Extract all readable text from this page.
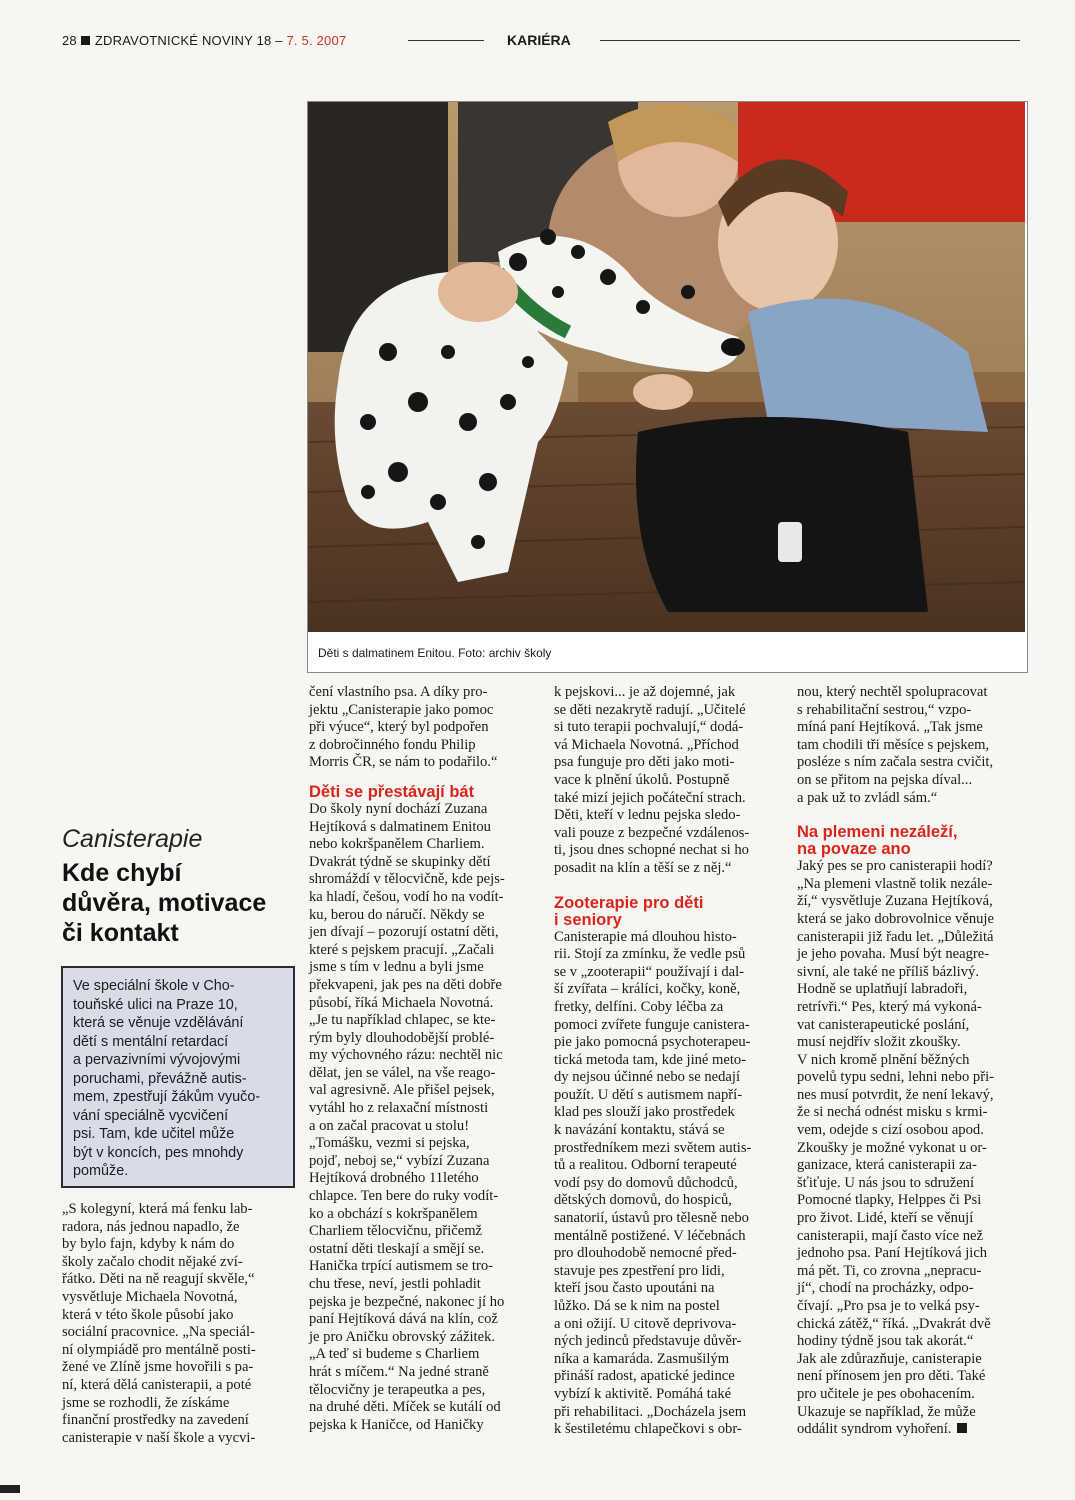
28 ZDRAVOTNICKÉ NOVINY 18 – 7. 5. 2007	KARIÉRA
Děti s dalmatinem Enitou. Foto: archiv školy
Canisterapie
Kde chybí
důvěra, motivace
či kontakt
Ve speciální škole v Cho-
touňské ulici na Praze 10,
která se věnuje vzdělávání
dětí s mentální retardací
a pervazivními vývojovými
poruchami, převážně autis-
mem, zpestřují žákům vyučo-
vání speciálně vycvičení
psi. Tam, kde učitel může
být v koncích, pes mnohdy
pomůže.
„S kolegyní, která má fenku lab-
radora, nás jednou napadlo, že
by bylo fajn, kdyby k nám do
školy začalo chodit nějaké zví-
řátko. Děti na ně reagují skvěle,“
vysvětluje Michaela Novotná,
která v této škole působí jako
sociální pracovnice. „Na speciál-
ní olympiádě pro mentálně posti-
žené ve Zlíně jsme hovořili s pa-
ní, která dělá canisterapii, a poté
jsme se rozhodli, že získáme
finanční prostředky na zavedení
canisterapie v naší škole a vycvi-
čení vlastního psa. A díky pro-
jektu „Canisterapie jako pomoc
při výuce“, který byl podpořen
z dobročinného fondu Philip
Morris ČR, se nám to podařilo.“
Děti se přestávají bát
Do školy nyní dochází Zuzana
Hejtíková s dalmatinem Enitou
nebo kokršpanělem Charliem.
Dvakrát týdně se skupinky dětí
shromáždí v tělocvičně, kde pejs-
ka hladí, češou, vodí ho na vodít-
ku, berou do náručí. Někdy se
jen dívají – pozorují ostatní děti,
které s pejskem pracují. „Začali
jsme s tím v lednu a byli jsme
překvapeni, jak pes na děti dobře
působí, říká Michaela Novotná.
„Je tu například chlapec, se kte-
rým byly dlouhodobější problé-
my výchovného rázu: nechtěl nic
dělat, jen se válel, na vše reago-
val agresivně. Ale přišel pejsek,
vytáhl ho z relaxační místnosti
a on začal pracovat u stolu!
„Tomášku, vezmi si pejska,
pojď, neboj se,“ vybízí Zuzana
Hejtíková drobného 11letého
chlapce. Ten bere do ruky vodít-
ko a obchází s kokršpanělem
Charliem tělocvičnu, přičemž
ostatní děti tleskají a smějí se.
Hanička trpící autismem se tro-
chu třese, neví, jestli pohladit
pejska je bezpečné, nakonec jí ho
paní Hejtíková dává na klín, což
je pro Aničku obrovský zážitek.
„A teď si budeme s Charliem
hrát s míčem.“ Na jedné straně
tělocvičny je terapeutka a pes,
na druhé děti. Míček se kutálí od
pejska k Haničce, od Haničky
k pejskovi... je až dojemné, jak
se děti nezakrytě radují. „Učitelé
si tuto terapii pochvalují,“ dodá-
vá Michaela Novotná. „Příchod
psa funguje pro děti jako moti-
vace k plnění úkolů. Postupně
také mizí jejich počáteční strach.
Děti, kteří v lednu pejska sledo-
vali pouze z bezpečné vzdálenos-
ti, jsou dnes schopné nechat si ho
posadit na klín a těší se z něj.“
Zooterapie pro děti
i seniory
Canisterapie má dlouhou histo-
rii. Stojí za zmínku, že vedle psů
se v „zooterapii“ používají i dal-
ší zvířata – králíci, kočky, koně,
fretky, delfíni. Coby léčba za
pomoci zvířete funguje canistera-
pie jako pomocná psychoterapeu-
tická metoda tam, kde jiné meto-
dy nejsou účinné nebo se nedají
použít. U dětí s autismem napří-
klad pes slouží jako prostředek
k navázání kontaktu, stává se
prostředníkem mezi světem autis-
tů a realitou. Odborní terapeuté
vodí psy do domovů důchodců,
dětských domovů, do hospiců,
sanatorií, ústavů pro tělesně nebo
mentálně postižené. V léčebnách
pro dlouhodobě nemocné před-
stavuje pes zpestření pro lidi,
kteří jsou často upoutáni na
lůžko. Dá se k nim na postel
a oni ožijí. U citově deprivova-
ných jedinců představuje důvěr-
níka a kamaráda. Zasmušilým
přináší radost, apatické jedince
vybízí k aktivitě. Pomáhá také
při rehabilitaci. „Docházela jsem
k šestiletému chlapečkovi s obr-
nou, který nechtěl spolupracovat
s rehabilitační sestrou,“ vzpo-
míná paní Hejtíková. „Tak jsme
tam chodili tři měsíce s pejskem,
posléze s ním začala sestra cvičit,
on se přitom na pejska díval...
a pak už to zvládl sám.“
Na plemeni nezáleží,
na povaze ano
Jaký pes se pro canisterapii hodí?
„Na plemeni vlastně tolik nezále-
ží,“ vysvětluje Zuzana Hejtíková,
která se jako dobrovolnice věnuje
canisterapii již řadu let. „Důležitá
je jeho povaha. Musí být neagre-
sivní, ale také ne příliš bázlivý.
Hodně se uplatňují labradoři,
retrívři.“ Pes, který má vykoná-
vat canisterapeutické poslání,
musí nejdřív složit zkoušky.
V nich kromě plnění běžných
povelů typu sedni, lehni nebo při-
nes musí potvrdit, že není lekavý,
že si nechá odnést misku s krmi-
vem, odejde s cizí osobou apod.
Zkoušky je možné vykonat u or-
ganizace, která canisterapii za-
šťiťuje. U nás jsou to sdružení
Pomocné tlapky, Helppes či Psi
pro život. Lidé, kteří se věnují
canisterapii, mají často více než
jednoho psa. Paní Hejtíková jich
má pět. Ti, co zrovna „nepracu-
jí“, chodí na procházky, odpo-
čívají. „Pro psa je to velká psy-
chická zátěž,“ říká. „Dvakrát dvě
hodiny týdně jsou tak akorát.“
Jak ale zdůrazňuje, canisterapie
není přínosem jen pro děti. Také
pro učitele je pes obohacením.
Ukazuje se například, že může
oddálit syndrom vyhoření.
